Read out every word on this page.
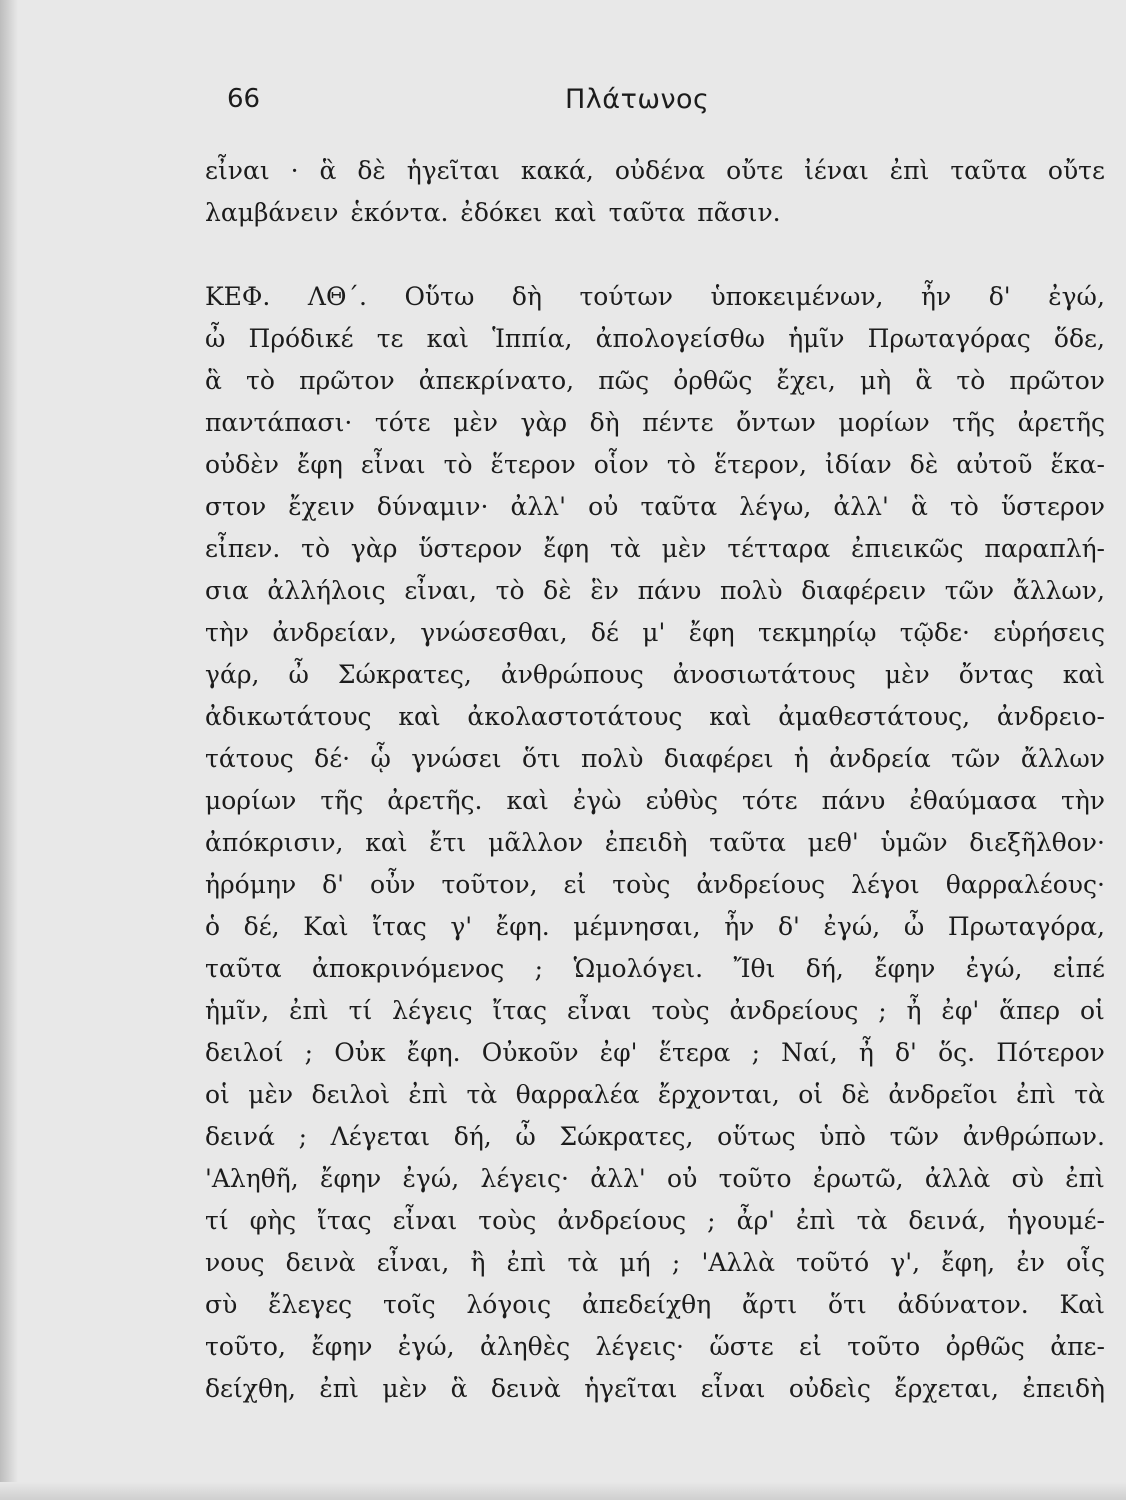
66	Πλάτωνος
εἶναι · ἃ δὲ ἡγεῖται κακά, οὐδένα οὔτε ἰέναι ἐπὶ ταῦτα οὔτε
λαμβάνειν ἑκόντα. ἐδόκει καὶ ταῦτα πᾶσιν.
ΚΕΦ. ΛΘ΄. Οὕτω δὴ τούτων ὑποκειμένων, ἦν δ' ἐγώ,
ὦ Πρόδικέ τε καὶ Ἱππία, ἀπολογείσθω ἡμῖν Πρωταγόρας ὅδε,
ἃ τὸ πρῶτον ἀπεκρίνατο, πῶς ὀρθῶς ἔχει, μὴ ἃ τὸ πρῶτον
παντάπασι· τότε μὲν γὰρ δὴ πέντε ὄντων μορίων τῆς ἀρετῆς
οὐδὲν ἔφη εἶναι τὸ ἕτερον οἷον τὸ ἕτερον, ἰδίαν δὲ αὐτοῦ ἕκα-
στον ἔχειν δύναμιν· ἀλλ' οὐ ταῦτα λέγω, ἀλλ' ἃ τὸ ὕστερον
εἶπεν. τὸ γὰρ ὕστερον ἔφη τὰ μὲν τέτταρα ἐπιεικῶς παραπλή-
σια ἀλλήλοις εἶναι, τὸ δὲ ἓν πάνυ πολὺ διαφέρειν τῶν ἄλλων,
τὴν ἀνδρείαν, γνώσεσθαι, δέ μ' ἔφη τεκμηρίῳ τῷδε· εὑρήσεις
γάρ, ὦ Σώκρατες, ἀνθρώπους ἀνοσιωτάτους μὲν ὄντας καὶ
ἀδικωτάτους καὶ ἀκολαστοτάτους καὶ ἀμαθεστάτους, ἀνδρειο-
τάτους δέ· ᾧ γνώσει ὅτι πολὺ διαφέρει ἡ ἀνδρεία τῶν ἄλλων
μορίων τῆς ἀρετῆς. καὶ ἐγὼ εὐθὺς τότε πάνυ ἐθαύμασα τὴν
ἀπόκρισιν, καὶ ἔτι μᾶλλον ἐπειδὴ ταῦτα μεθ' ὑμῶν διεξῆλθον·
ἠρόμην δ' οὖν τοῦτον, εἰ τοὺς ἀνδρείους λέγοι θαρραλέους·
ὁ δέ, Καὶ ἴτας γ' ἔφη. μέμνησαι, ἦν δ' ἐγώ, ὦ Πρωταγόρα,
ταῦτα ἀποκρινόμενος ; Ὡμολόγει. Ἴθι δή, ἔφην ἐγώ, εἰπέ
ἡμῖν, ἐπὶ τί λέγεις ἴτας εἶναι τοὺς ἀνδρείους ; ἦ ἐφ' ἅπερ οἱ
δειλοί ; Οὐκ ἔφη. Οὐκοῦν ἐφ' ἕτερα ; Ναί, ἦ δ' ὅς. Πότερον
οἱ μὲν δειλοὶ ἐπὶ τὰ θαρραλέα ἔρχονται, οἱ δὲ ἀνδρεῖοι ἐπὶ τὰ
δεινά ; Λέγεται δή, ὦ Σώκρατες, οὕτως ὑπὸ τῶν ἀνθρώπων.
'Αληθῆ, ἔφην ἐγώ, λέγεις· ἀλλ' οὐ τοῦτο ἐρωτῶ, ἀλλὰ σὺ ἐπὶ
τί φὴς ἴτας εἶναι τοὺς ἀνδρείους ; ἆρ' ἐπὶ τὰ δεινά, ἡγουμέ-
νους δεινὰ εἶναι, ἢ ἐπὶ τὰ μή ; 'Αλλὰ τοῦτό γ', ἔφη, ἐν οἷς
σὺ ἔλεγες τοῖς λόγοις ἀπεδείχθη ἄρτι ὅτι ἀδύνατον. Καὶ
τοῦτο, ἔφην ἐγώ, ἀληθὲς λέγεις· ὥστε εἰ τοῦτο ὀρθῶς ἀπε-
δείχθη, ἐπὶ μὲν ἃ δεινὰ ἡγεῖται εἶναι οὐδεὶς ἔρχεται, ἐπειδὴ
